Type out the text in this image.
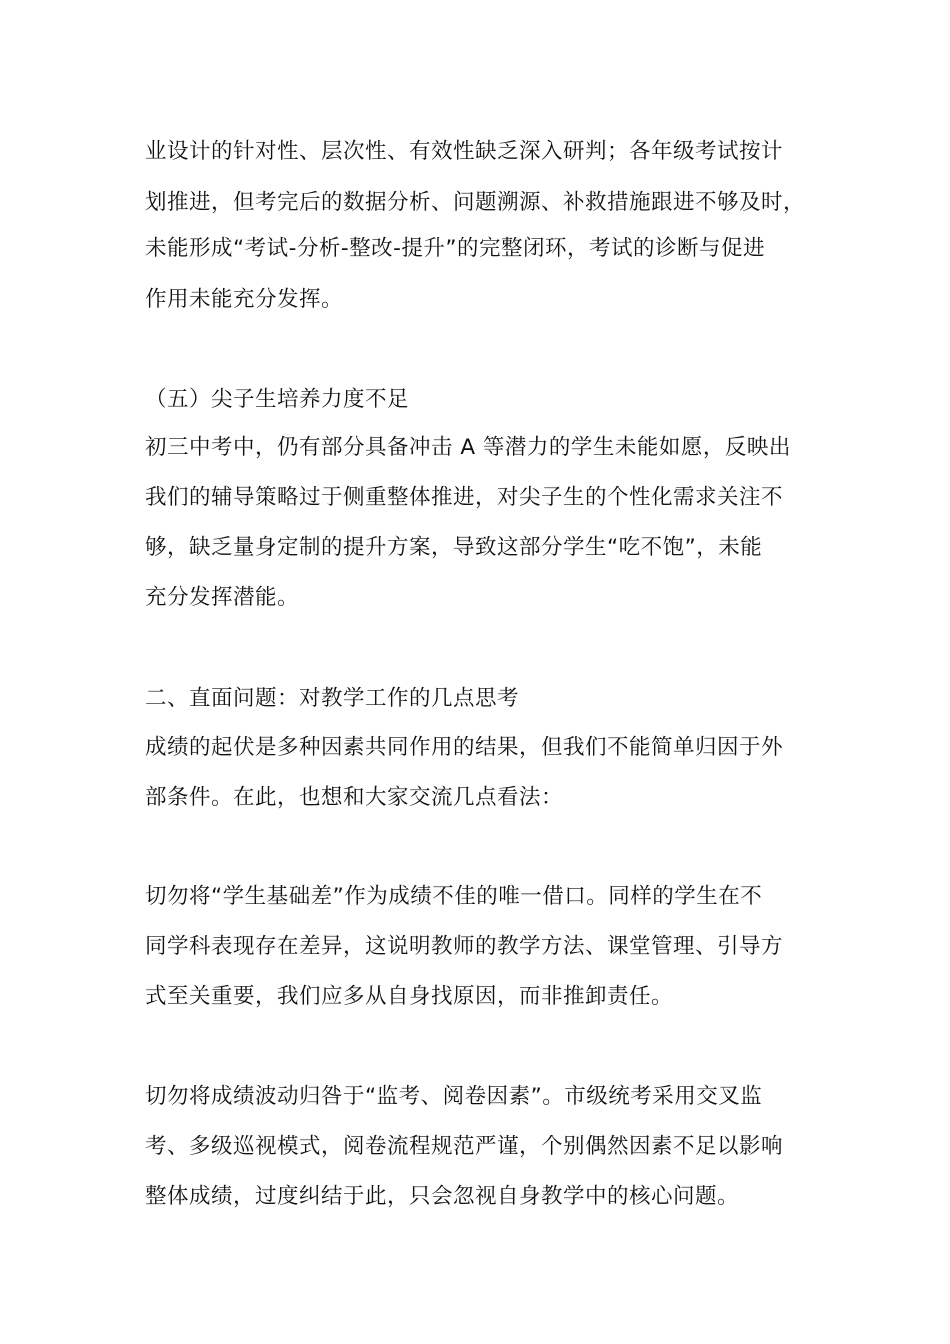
业设计的针对性、层次性、有效性缺乏深入研判；各年级考试按计
划推进，但考完后的数据分析、问题溯源、补救措施跟进不够及时，
未能形成“考试-分析-整改-提升”的完整闭环，考试的诊断与促进
作用未能充分发挥。
（五）尖子生培养力度不足
初三中考中，仍有部分具备冲击 A 等潜力的学生未能如愿，反映出
我们的辅导策略过于侧重整体推进，对尖子生的个性化需求关注不
够，缺乏量身定制的提升方案，导致这部分学生“吃不饱”，未能
充分发挥潜能。
二、直面问题：对教学工作的几点思考
成绩的起伏是多种因素共同作用的结果，但我们不能简单归因于外
部条件。在此，也想和大家交流几点看法：
切勿将“学生基础差”作为成绩不佳的唯一借口。同样的学生在不
同学科表现存在差异，这说明教师的教学方法、课堂管理、引导方
式至关重要，我们应多从自身找原因，而非推卸责任。
切勿将成绩波动归咎于“监考、阅卷因素”。市级统考采用交叉监
考、多级巡视模式，阅卷流程规范严谨，个别偶然因素不足以影响
整体成绩，过度纠结于此，只会忽视自身教学中的核心问题。
